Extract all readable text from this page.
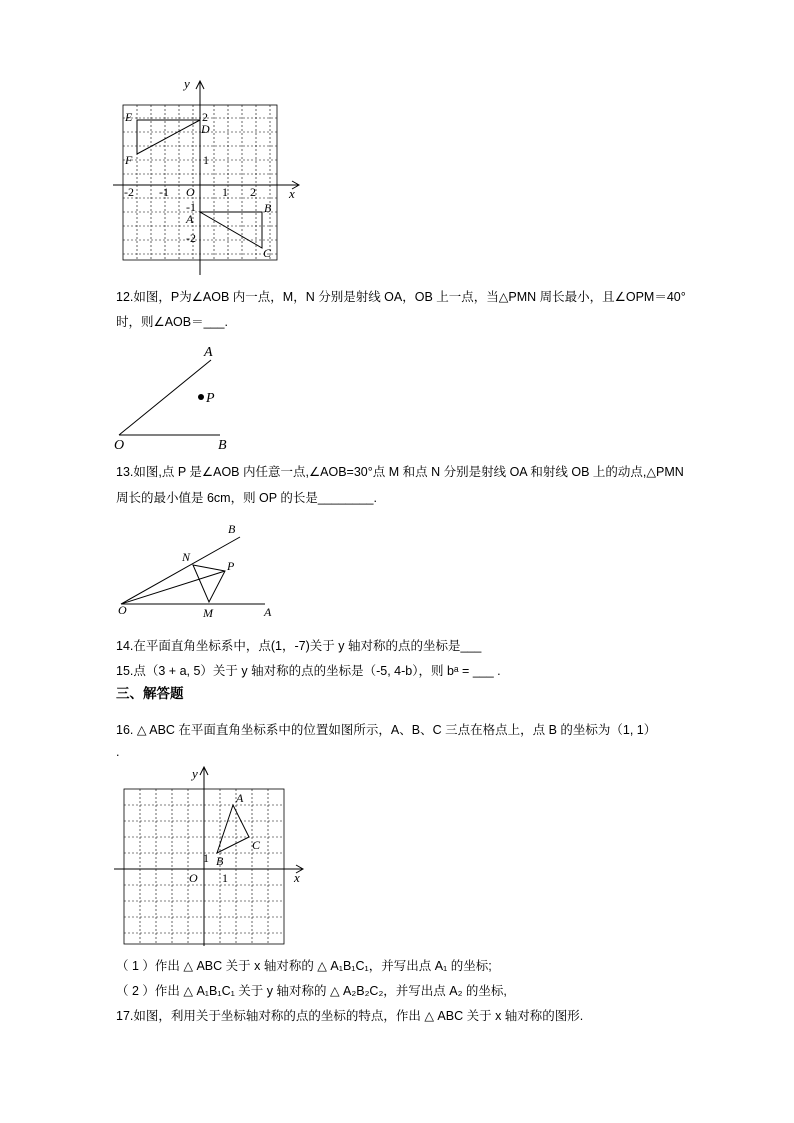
y
x
E
D
2
F	1
-2 -1 O 1 2
-1
A
B
-2
C
12.如图，P为∠AOB 内一点，M，N 分别是射线 OA，OB 上一点，当△PMN 周长最小，且∠OPM＝40°
时，则∠AOB＝___.
A
P
O	B
13.如图,点 P 是∠AOB 内任意一点,∠AOB=30°点 M 和点 N 分别是射线 OA 和射线 OB 上的动点,△PMN
周长的最小值是 6cm，则 OP 的长是________.
B
N
P
O	M	A
14.在平面直角坐标系中，点(1，-7)关于 y 轴对称的点的坐标是___
15.点（3 + a, 5）关于 y 轴对称的点的坐标是（-5, 4-b），则 bᵃ = ___ .
三、解答题
16. △ ABC 在平面直角坐标系中的位置如图所示，A、B、C 三点在格点上，点 B 的坐标为（1, 1）
.
y
A
C
1 B
O 1	x
（ 1 ）作出 △ ABC 关于 x 轴对称的 △ A₁B₁C₁，并写出点 A₁ 的坐标;
（ 2 ）作出 △ A₁B₁C₁ 关于 y 轴对称的 △ A₂B₂C₂，并写出点 A₂ 的坐标,
17.如图，利用关于坐标轴对称的点的坐标的特点，作出 △ ABC 关于 x 轴对称的图形.
